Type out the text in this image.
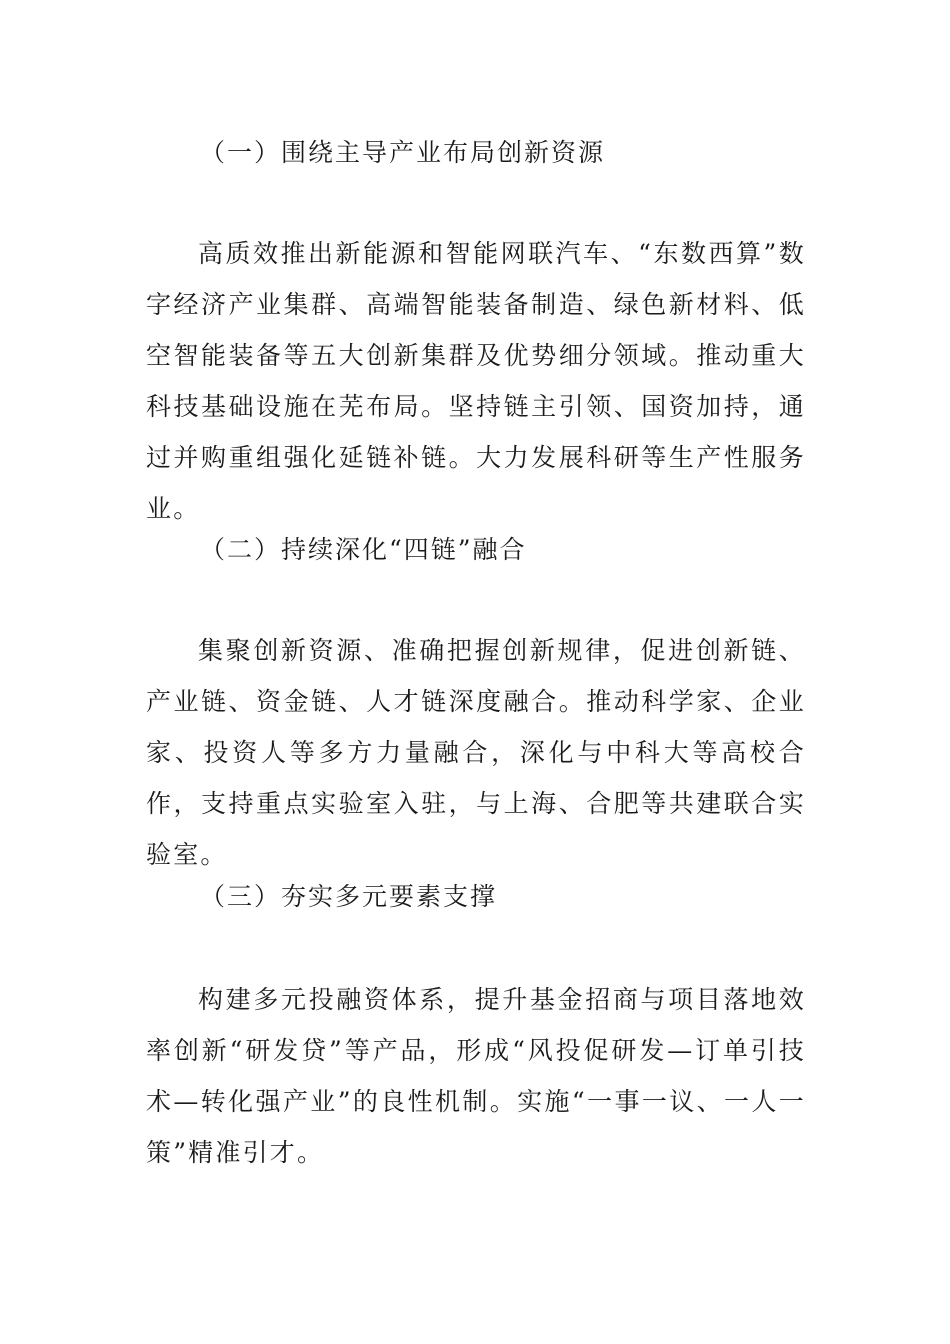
（一）围绕主导产业布局创新资源

高质效推出新能源和智能网联汽车、“东数西算”数字经济产业集群、高端智能装备制造、绿色新材料、低空智能装备等五大创新集群及优势细分领域。推动重大科技基础设施在芜布局。坚持链主引领、国资加持，通过并购重组强化延链补链。大力发展科研等生产性服务业。

（二）持续深化“四链”融合

集聚创新资源、准确把握创新规律，促进创新链、产业链、资金链、人才链深度融合。推动科学家、企业家、投资人等多方力量融合，深化与中科大等高校合作，支持重点实验室入驻，与上海、合肥等共建联合实验室。

（三）夯实多元要素支撑

构建多元投融资体系，提升基金招商与项目落地效率创新“研发贷”等产品，形成“风投促研发—订单引技术—转化强产业”的良性机制。实施“一事一议、一人一策”精准引才。
